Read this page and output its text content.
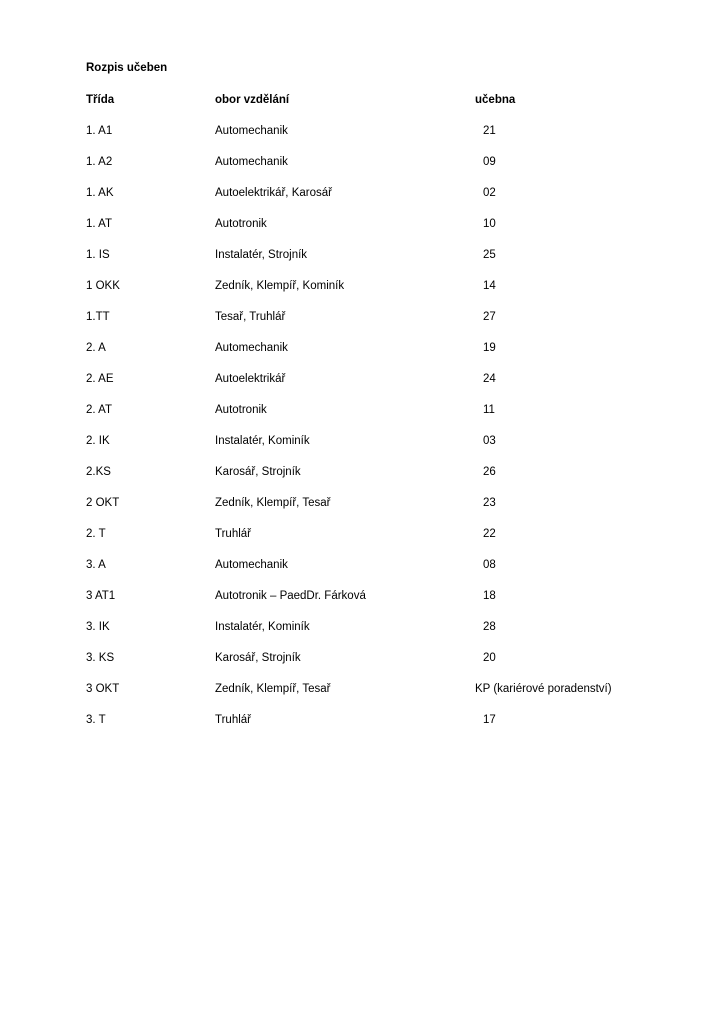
Rozpis učeben
Třída	obor vzdělání	učebna
1. A1	Automechanik	21
1. A2	Automechanik	09
1. AK	Autoelektrikář, Karosář	02
1. AT	Autotronik	10
1. IS	Instalatér, Strojník	25
1 OKK	Zedník, Klempíř, Kominík	14
1.TT	Tesař, Truhlář	27
2. A	Automechanik	19
2. AE	Autoelektrikář	24
2. AT	Autotronik	11
2. IK	Instalatér, Kominík	03
2.KS	Karosář, Strojník	26
2 OKT	Zedník, Klempíř, Tesař	23
2. T	Truhlář	22
3. A	Automechanik	08
3 AT1	Autotronik – PaedDr. Fárková	18
3. IK	Instalatér, Kominík	28
3. KS	Karosář, Strojník	20
3 OKT	Zedník, Klempíř, Tesař	KP (kariérové poradenství)
3. T	Truhlář	17
